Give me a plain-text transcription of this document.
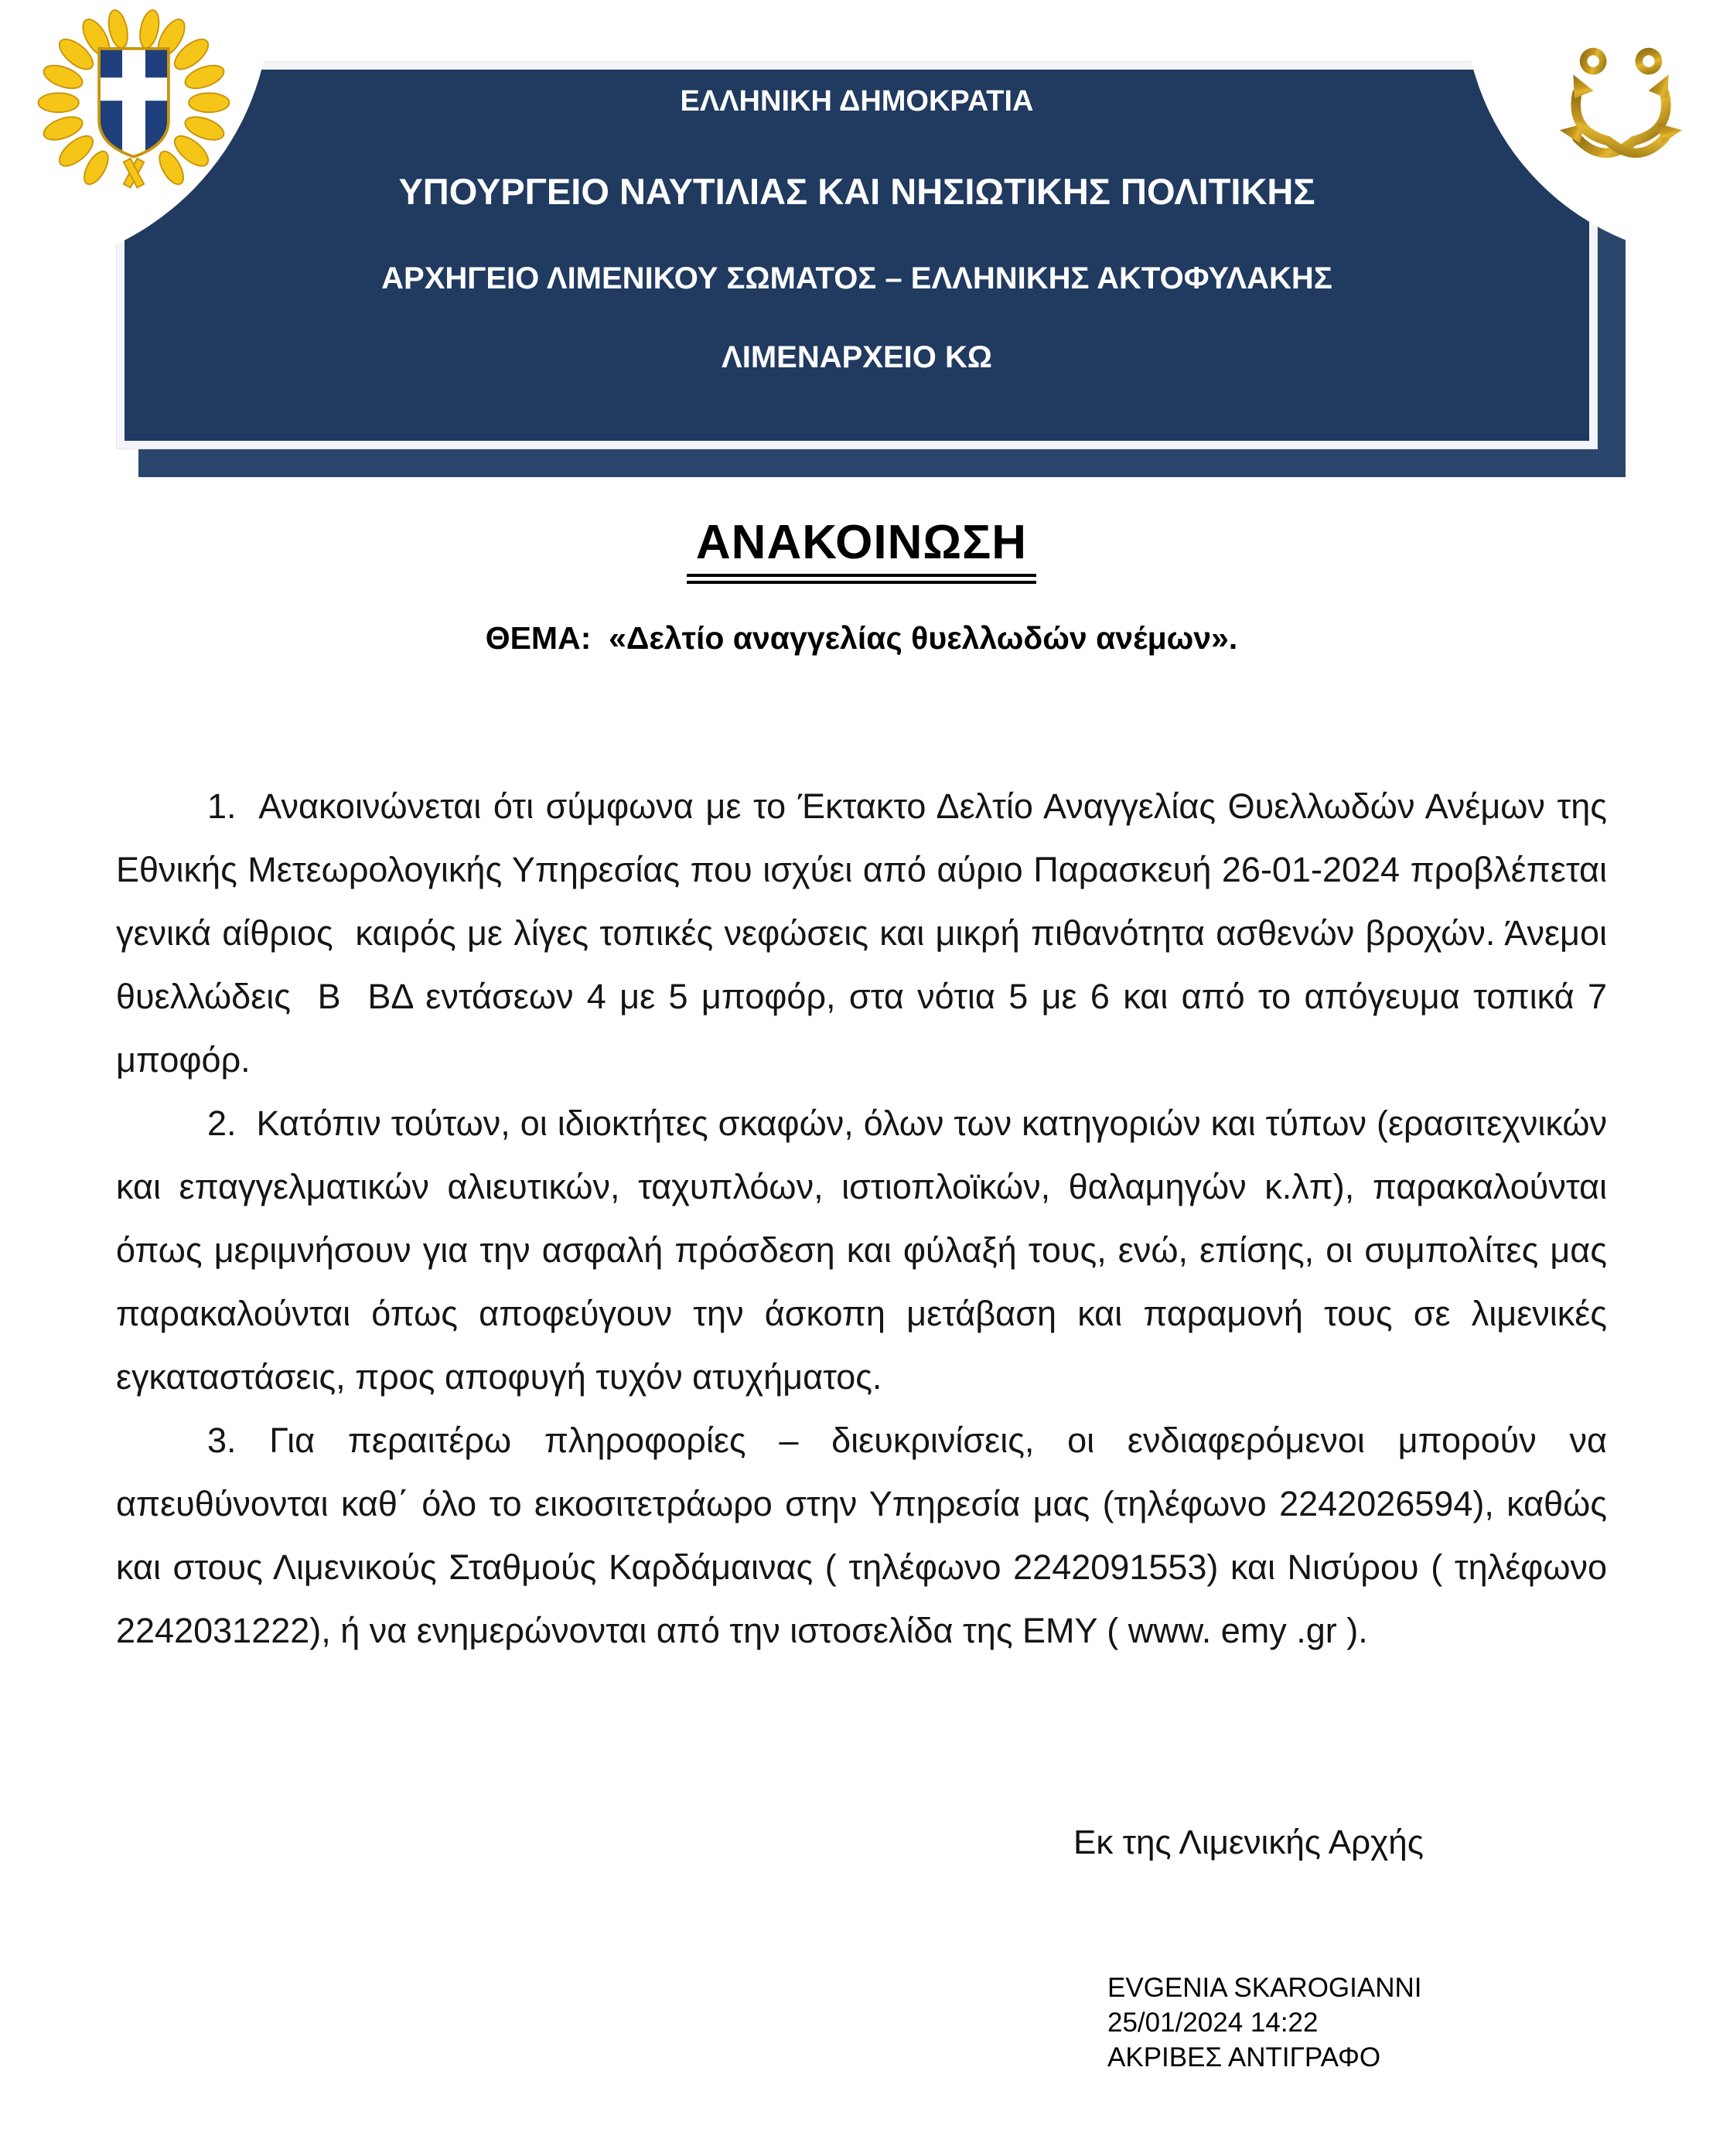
ΕΛΛΗΝΙΚΗ ΔΗΜΟΚΡΑΤΙΑ
ΥΠΟΥΡΓΕΙΟ ΝΑΥΤΙΛΙΑΣ ΚΑΙ ΝΗΣΙΩΤΙΚΗΣ ΠΟΛΙΤΙΚΗΣ
ΑΡΧΗΓΕΙΟ ΛΙΜΕΝΙΚΟΥ ΣΩΜΑΤΟΣ – ΕΛΛΗΝΙΚΗΣ ΑΚΤΟΦΥΛΑΚΗΣ
ΛΙΜΕΝΑΡΧΕΙΟ ΚΩ
ΑΝΑΚΟΙΝΩΣΗ
ΘΕΜΑ:  «Δελτίο αναγγελίας θυελλωδών ανέμων».

1.  Ανακοινώνεται ότι σύμφωνα με το Έκτακτο Δελτίο Αναγγελίας Θυελλωδών Ανέμων της Εθνικής Μετεωρολογικής Υπηρεσίας που ισχύει από αύριο Παρασκευή 26-01-2024 προβλέπεται γενικά αίθριος  καιρός με λίγες τοπικές νεφώσεις και μικρή πιθανότητα ασθενών βροχών. Άνεμοι θυελλώδεις  Β  ΒΔ εντάσεων 4 με 5 μποφόρ, στα νότια 5 με 6 και από το απόγευμα τοπικά 7 μποφόρ.

2.  Κατόπιν τούτων, οι ιδιοκτήτες σκαφών, όλων των κατηγοριών και τύπων (ερασιτεχνικών και επαγγελματικών αλιευτικών, ταχυπλόων, ιστιοπλοϊκών, θαλαμηγών κ.λπ), παρακαλούνται όπως μεριμνήσουν για την ασφαλή πρόσδεση και φύλαξή τους, ενώ, επίσης, οι συμπολίτες μας παρακαλούνται όπως αποφεύγουν την άσκοπη μετάβαση και παραμονή τους σε λιμενικές εγκαταστάσεις, προς αποφυγή τυχόν ατυχήματος.

3. Για περαιτέρω πληροφορίες – διευκρινίσεις, οι ενδιαφερόμενοι μπορούν να απευθύνονται καθ΄ όλο το εικοσιτετράωρο στην Υπηρεσία μας (τηλέφωνο 2242026594), καθώς και στους Λιμενικούς Σταθμούς Καρδάμαινας ( τηλέφωνο 2242091553) και Νισύρου ( τηλέφωνο 2242031222), ή να ενημερώνονται από την ιστοσελίδα της ΕΜΥ ( www. emy .gr ).

Εκ της Λιμενικής Αρχής
EVGENIA SKAROGIANNI
25/01/2024 14:22
ΑΚΡΙΒΕΣ ΑΝΤΙΓΡΑΦΟ
